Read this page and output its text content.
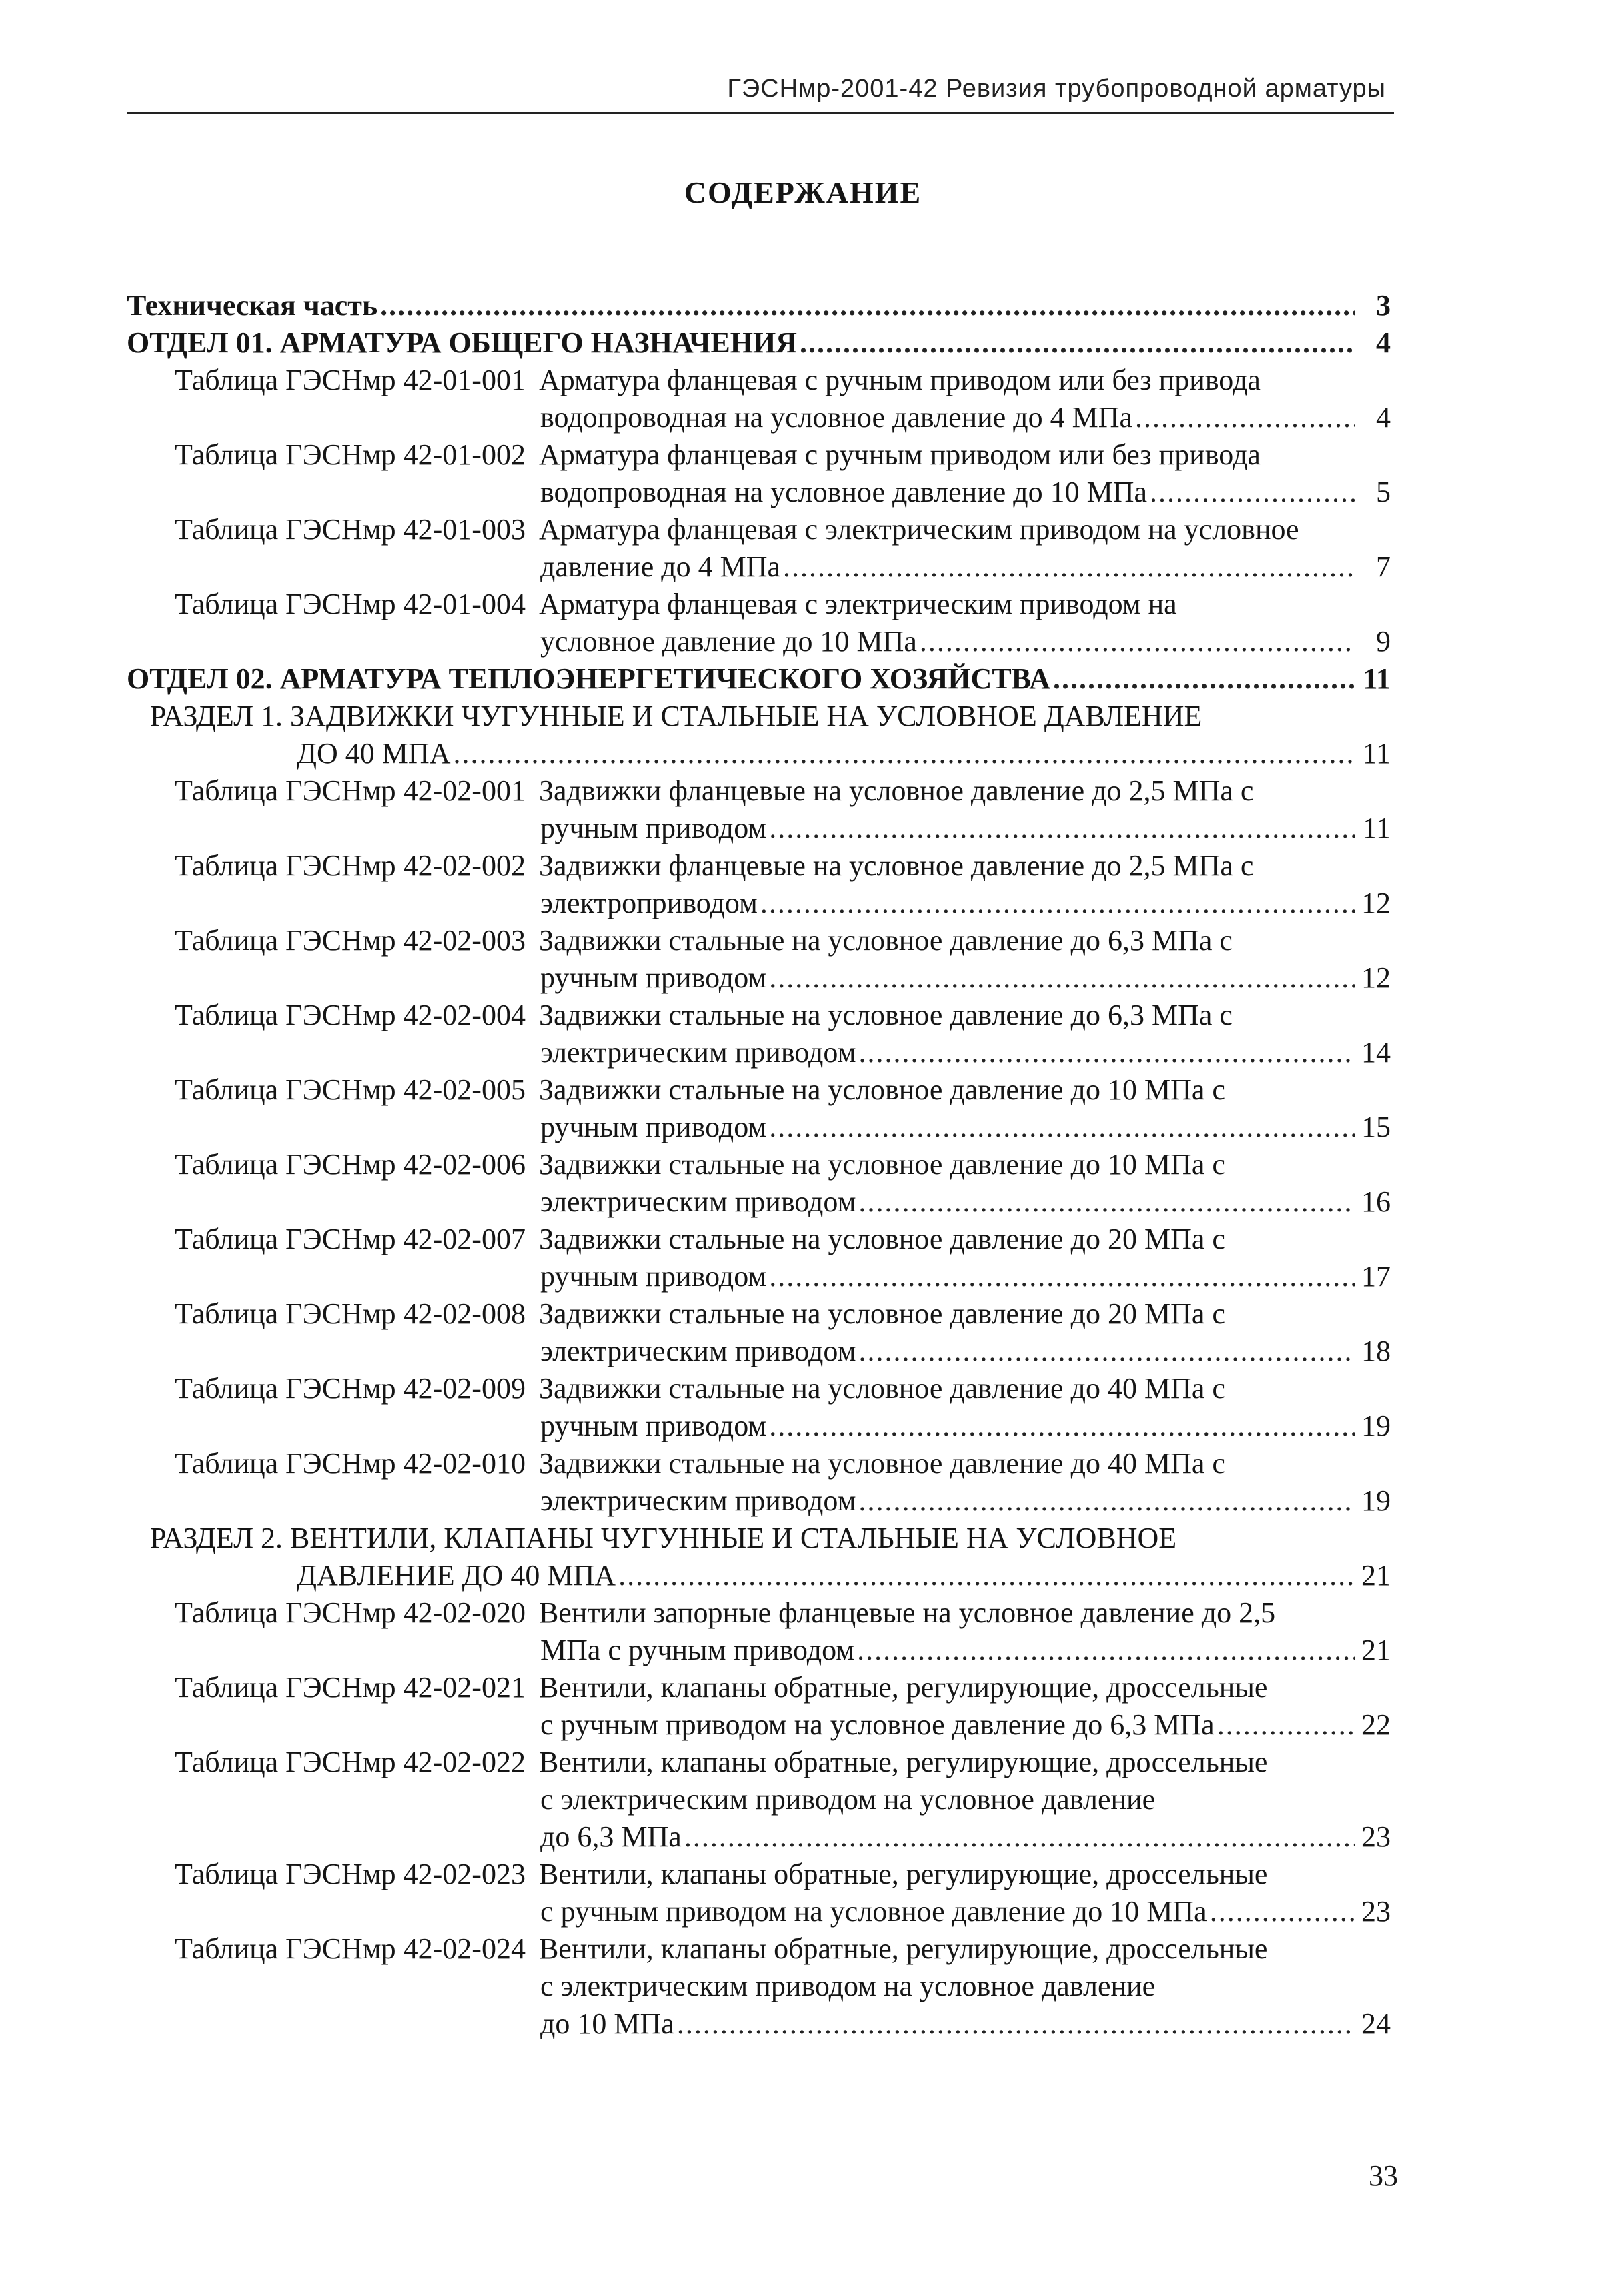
ГЭСНмр-2001-42 Ревизия трубопроводной арматуры
СОДЕРЖАНИЕ
Техническая часть .....	3
ОТДЕЛ 01. АРМАТУРА ОБЩЕГО НАЗНАЧЕНИЯ .....	4
Таблица ГЭСНмр 42-01-001 Арматура фланцевая с ручным приводом или без привода
водопроводная на условное давление до 4 МПа .....	4
Таблица ГЭСНмр 42-01-002 Арматура фланцевая с ручным приводом или без привода
водопроводная на условное давление до 10 МПа .....	5
Таблица ГЭСНмр 42-01-003 Арматура фланцевая с электрическим приводом на условное
давление до 4 МПа .....	7
Таблица ГЭСНмр 42-01-004 Арматура фланцевая с электрическим приводом на
условное давление до 10 МПа .....	9
ОТДЕЛ 02. АРМАТУРА ТЕПЛОЭНЕРГЕТИЧЕСКОГО ХОЗЯЙСТВА .....	11
РАЗДЕЛ 1. ЗАДВИЖКИ ЧУГУННЫЕ И СТАЛЬНЫЕ НА УСЛОВНОЕ ДАВЛЕНИЕ
ДО 40 МПА .....	11
Таблица ГЭСНмр 42-02-001 Задвижки фланцевые на условное давление до 2,5 МПа с
ручным приводом .....	11
Таблица ГЭСНмр 42-02-002 Задвижки фланцевые на условное давление до 2,5 МПа с
электроприводом .....	12
Таблица ГЭСНмр 42-02-003 Задвижки стальные на условное давление до 6,3 МПа с
ручным приводом .....	12
Таблица ГЭСНмр 42-02-004 Задвижки стальные на условное давление до 6,3 МПа с
электрическим приводом .....	14
Таблица ГЭСНмр 42-02-005 Задвижки стальные на условное давление до 10 МПа с
ручным приводом .....	15
Таблица ГЭСНмр 42-02-006 Задвижки стальные на условное давление до 10 МПа с
электрическим приводом .....	16
Таблица ГЭСНмр 42-02-007 Задвижки стальные на условное давление до 20 МПа с
ручным приводом .....	17
Таблица ГЭСНмр 42-02-008 Задвижки стальные на условное давление до 20 МПа с
электрическим приводом .....	18
Таблица ГЭСНмр 42-02-009 Задвижки стальные на условное давление до 40 МПа с
ручным приводом .....	19
Таблица ГЭСНмр 42-02-010 Задвижки стальные на условное давление до 40 МПа с
электрическим приводом .....	19
РАЗДЕЛ 2. ВЕНТИЛИ, КЛАПАНЫ ЧУГУННЫЕ И СТАЛЬНЫЕ НА УСЛОВНОЕ
ДАВЛЕНИЕ ДО 40 МПА .....	21
Таблица ГЭСНмр 42-02-020 Вентили запорные фланцевые на условное давление до 2,5
МПа с ручным приводом .....	21
Таблица ГЭСНмр 42-02-021 Вентили, клапаны обратные, регулирующие, дроссельные
с ручным приводом на условное давление до 6,3 МПа .....	22
Таблица ГЭСНмр 42-02-022 Вентили, клапаны обратные, регулирующие, дроссельные
с электрическим приводом на условное давление
до 6,3 МПа .....	23
Таблица ГЭСНмр 42-02-023 Вентили, клапаны обратные, регулирующие, дроссельные
с ручным приводом на условное давление до 10 МПа .....	23
Таблица ГЭСНмр 42-02-024 Вентили, клапаны обратные, регулирующие, дроссельные
с электрическим приводом на условное давление
до 10 МПа .....	24
33
